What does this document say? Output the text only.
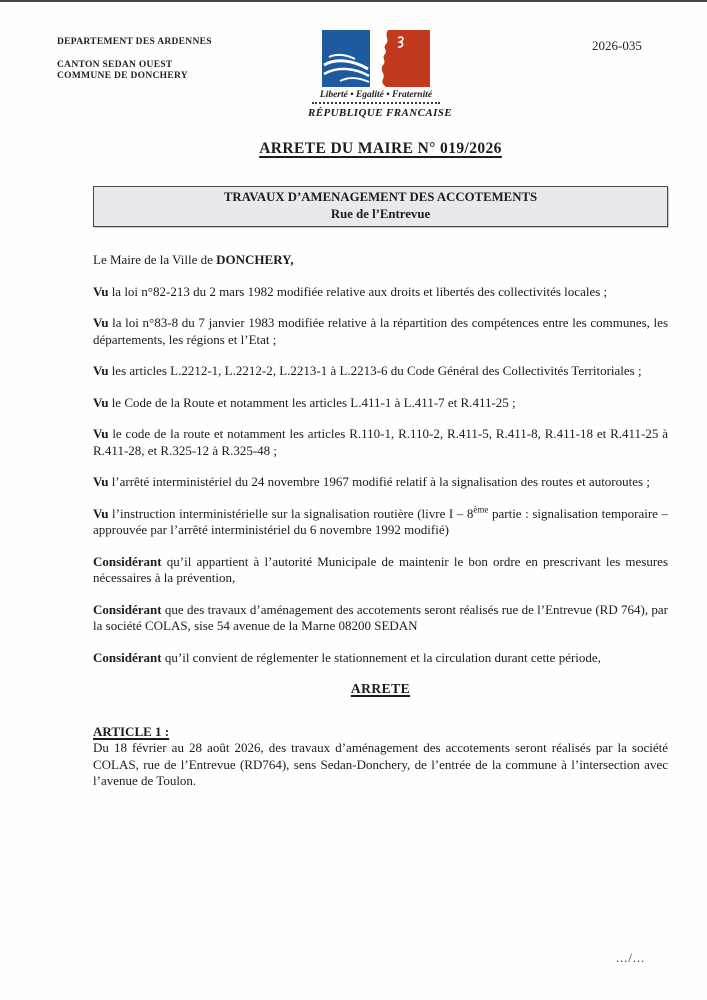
DEPARTEMENT DES ARDENNES
CANTON SEDAN OUEST
COMMUNE DE DONCHERY
Liberté • Egalité • Fraternité
RÉPUBLIQUE FRANCAISE
2026-035
ARRETE DU MAIRE N° 019/2026
TRAVAUX D’AMENAGEMENT DES ACCOTEMENTS
Rue de l’Entrevue

Le Maire de la Ville de DONCHERY,

Vu la loi n°82-213 du 2 mars 1982 modifiée relative aux droits et libertés des collectivités locales ;

Vu la loi n°83-8 du 7 janvier 1983 modifiée relative à la répartition des compétences entre les communes, les départements, les régions et l’Etat ;

Vu les articles L.2212-1, L.2212-2, L.2213-1 à L.2213-6 du Code Général des Collectivités Territoriales ;

Vu le Code de la Route et notamment les articles L.411-1 à L.411-7 et R.411-25 ;

Vu le code de la route et notamment les articles R.110-1, R.110-2, R.411-5, R.411-8, R.411-18 et R.411-25 à R.411-28, et R.325-12 à R.325-48 ;

Vu l’arrêté interministériel du 24 novembre 1967 modifié relatif à la signalisation des routes et autoroutes ;

Vu l’instruction interministérielle sur la signalisation routière (livre I – 8ème partie : signalisation temporaire – approuvée par l’arrêté interministériel du 6 novembre 1992 modifié)

Considérant qu’il appartient à l’autorité Municipale de maintenir le bon ordre en prescrivant les mesures nécessaires à la prévention,

Considérant que des travaux d’aménagement des accotements seront réalisés rue de l’Entrevue (RD 764), par la société COLAS, sise 54 avenue de la Marne 08200 SEDAN

Considérant qu’il convient de réglementer le stationnement et la circulation durant cette période,

ARRETE

ARTICLE 1 :

Du 18 février au 28 août 2026, des travaux d’aménagement des accotements seront réalisés par la société COLAS, rue de l’Entrevue (RD764), sens Sedan-Donchery, de l’entrée de la commune à l’intersection avec l’avenue de Toulon.

.../...
